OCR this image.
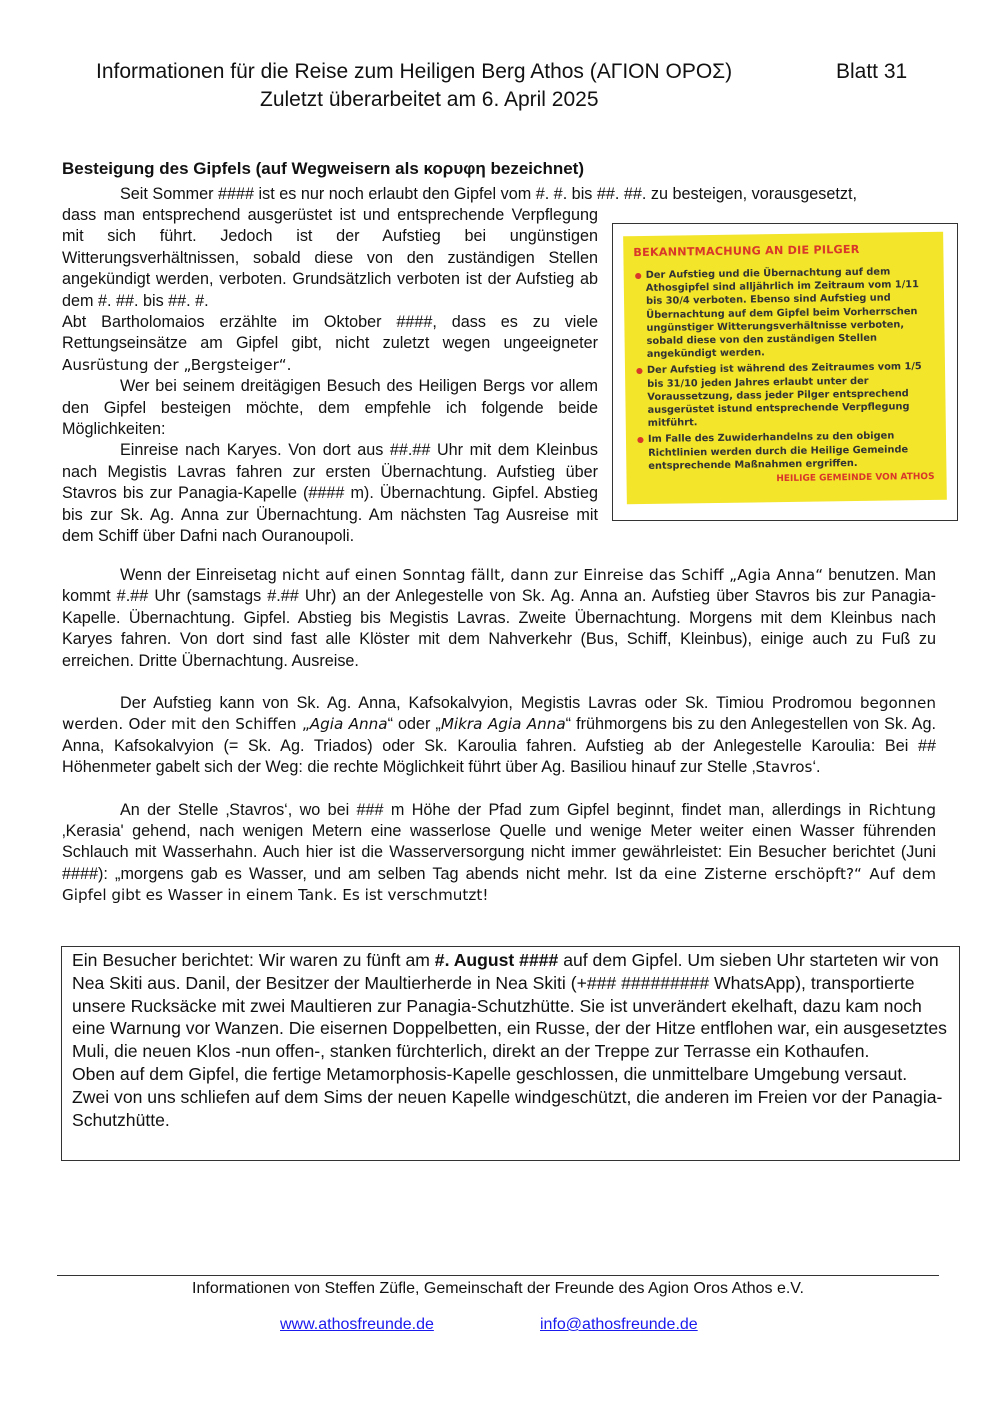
Informationen für die Reise zum Heiligen Berg Athos (ΑΓΙΟΝ ΟΡΟΣ)	Blatt 31
Zuletzt überarbeitet am 6. April 2025
Besteigung des Gipfels (auf Wegweisern als κορυφη bezeichnet)
Seit Sommer #### ist es nur noch erlaubt den Gipfel vom #. #. bis ##. ##. zu besteigen, vorausgesetzt,
dass man entsprechend ausgerüstet ist und entsprechende Verpflegung mit sich führt. Jedoch ist der Aufstieg bei ungünstigen Witterungsverhältnissen, sobald diese von den zuständigen Stellen angekündigt werden, verboten. Grundsätzlich verboten ist der Aufstieg ab dem #. ##. bis ##. #.
Abt Bartholomaios erzählte im Oktober ####, dass es zu viele Rettungseinsätze am Gipfel gibt, nicht zuletzt wegen ungeeigneter Ausrüstung der „Bergsteiger“.
Wer bei seinem dreitägigen Besuch des Heiligen Bergs vor allem den Gipfel besteigen möchte, dem empfehle ich folgende beide Möglichkeiten:
Einreise nach Karyes. Von dort aus ##.## Uhr mit dem Kleinbus nach Megistis Lavras fahren zur ersten Übernachtung. Aufstieg über Stavros bis zur Panagia-Kapelle (#### m). Übernachtung. Gipfel. Abstieg bis zur Sk. Ag. Anna zur Übernachtung. Am nächsten Tag Ausreise mit dem Schiff über Dafni nach Ouranoupoli.
BEKANNTMACHUNG AN DIE PILGER
● Der Aufstieg und die Übernachtung auf dem Athosgipfel sind alljährlich im Zeitraum vom 1/11 bis 30/4 verboten. Ebenso sind Aufstieg und Übernachtung auf dem Gipfel beim Vorherrschen ungünstiger Witterungsverhältnisse verboten, sobald diese von den zuständigen Stellen angekündigt werden.
● Der Aufstieg ist während des Zeitraumes vom 1/5 bis 31/10 jeden Jahres erlaubt unter der Voraussetzung, dass jeder Pilger entsprechend ausgerüstet istund entsprechende Verpflegung mitführt.
● Im Falle des Zuwiderhandelns zu den obigen Richtlinien werden durch die Heilige Gemeinde entsprechende Maßnahmen ergriffen.
HEILIGE GEMEINDE VON ATHOS
Wenn der Einreisetag nicht auf einen Sonntag fällt, dann zur Einreise das Schiff „Agia Anna“ benutzen. Man kommt #.## Uhr (samstags #.## Uhr) an der Anlegestelle von Sk. Ag. Anna an. Aufstieg über Stavros bis zur Panagia-Kapelle. Übernachtung. Gipfel. Abstieg bis Megistis Lavras. Zweite Übernachtung. Morgens mit dem Kleinbus nach Karyes fahren. Von dort sind fast alle Klöster mit dem Nahverkehr (Bus, Schiff, Kleinbus), einige auch zu Fuß zu erreichen. Dritte Übernachtung. Ausreise.
Der Aufstieg kann von Sk. Ag. Anna, Kafsokalvyion, Megistis Lavras oder Sk. Timiou Prodromou begonnen werden. Oder mit den Schiffen „Agia Anna“ oder „Mikra Agia Anna“ frühmorgens bis zu den Anlegestellen von Sk. Ag. Anna, Kafsokalvyion (= Sk. Ag. Triados) oder Sk. Karoulia fahren. Aufstieg ab der Anlegestelle Karoulia: Bei ## Höhenmeter gabelt sich der Weg: die rechte Möglichkeit führt über Ag. Basiliou hinauf zur Stelle ‚Stavros‘.
An der Stelle ‚Stavros‘, wo bei ### m Höhe der Pfad zum Gipfel beginnt, findet man, allerdings in Richtung ‚Kerasia' gehend, nach wenigen Metern eine wasserlose Quelle und wenige Meter weiter einen Wasser führenden Schlauch mit Wasserhahn. Auch hier ist die Wasserversorgung nicht immer gewährleistet: Ein Besucher berichtet (Juni ####): „morgens gab es Wasser, und am selben Tag abends nicht mehr. Ist da eine Zisterne erschöpft?“ Auf dem Gipfel gibt es Wasser in einem Tank. Es ist verschmutzt!
Ein Besucher berichtet: Wir waren zu fünft am #. August #### auf dem Gipfel. Um sieben Uhr starteten wir von Nea Skiti aus. Danil, der Besitzer der Maultierherde in Nea Skiti (+### ######### WhatsApp), transportierte unsere Rucksäcke mit zwei Maultieren zur Panagia-Schutzhütte. Sie ist unverändert ekelhaft, dazu kam noch eine Warnung vor Wanzen. Die eisernen Doppelbetten, ein Russe, der der Hitze entflohen war, ein ausgesetztes Muli, die neuen Klos -nun offen-, stanken fürchterlich, direkt an der Treppe zur Terrasse ein Kothaufen.
Oben auf dem Gipfel, die fertige Metamorphosis-Kapelle geschlossen, die unmittelbare Umgebung versaut. Zwei von uns schliefen auf dem Sims der neuen Kapelle windgeschützt, die anderen im Freien vor der Panagia-Schutzhütte.
Informationen von Steffen Züfle, Gemeinschaft der Freunde des Agion Oros Athos e.V.
www.athosfreunde.de	info@athosfreunde.de
